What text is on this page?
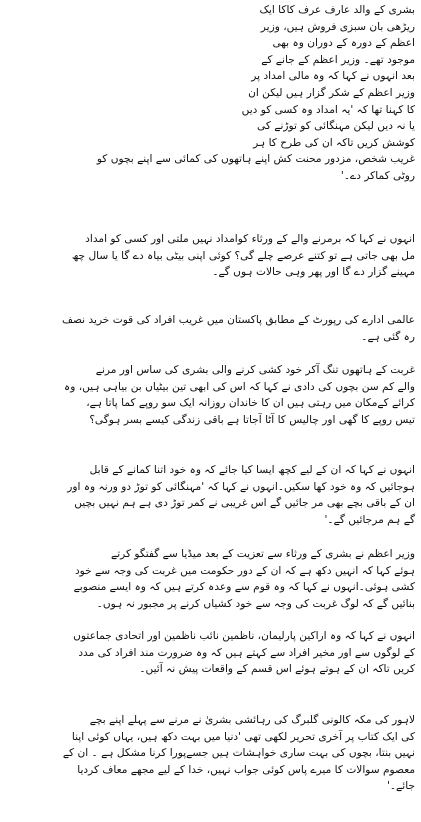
بشری کے والد عارف عرف کاکا ایک
ریڑھی بان سبزی فروش ہیں، وزیر
اعظم کے دورہ کے دوران وہ بھی
موجود تھے۔ وزیر اعظم کے جانے کے
بعد انہوں نے کہا کہ وہ مالی امداد پر
وزیر اعظم کے شکر گزار ہیں لیکن ان
کا کہنا تھا کہ 'یہ امداد وہ کسی کو دیں
یا نہ دیں لیکن مہنگائی کو توڑنے کی
کوشش کریں تاکہ ان کی طرح کا ہر
غریب شخص، مزدور محنت کش اپنے ہاتھوں کی کمائی سے اپنے بچوں کو
روٹی کماکر دے۔'
انہوں نے کہا کہ برمرنے والے کے ورثاء کوامداد نہیں ملتی اور کسی کو امداد
مل بھی جاتی ہے تو کتنے عرصے چلے گی؟ کوئی اپنی بیٹی بیاہ دے گا یا سال چھ
مہینے گزار دے گا اور پھر وہی حالات ہوں گے۔
عالمی ادارے کی رپورٹ کے مطابق پاکستان میں غریب افراد کی قوت خرید نصف
رہ گئی ہے۔
غربت کے ہاتھوں تنگ آکر خود کشی کرنے والی بشری کی ساس اور مرنے
والے کم سن بچوں کی دادی نے کہا کہ اس کی ابھی تین بیٹیاں بن بیاہی ہیں، وہ
کرائے کےمکان میں رہتی ہیں ان کا خاندان روزانہ ایک سو روپے کما پاتا ہے،
تیس روپے کا گھی اور چالیس کا آٹا آجاتا ہے باقی زندگی کیسے بسر ہوگی؟
انہوں نے کہا کہ ان کے لیے کچھ ایسا کیا جائے کہ وہ خود اتنا کمانے کے قابل
ہوجائیں کہ وہ خود کھا سکیں۔انہوں نے کہا کہ 'مہنگائی کو توڑ دو ورنہ وہ اور
ان کے باقی بچے بھی مر جائیں گے اس غریبی نے کمر توڑ دی ہے ہم نہیں بچیں
گے ہم مرجائیں گے۔'
وزیر اعظم نے بشری کے ورثاء سے تعزیت کے بعد میڈیا سے گفتگو کرتے
ہوئے کہا کہ انہیں دکھ ہے کہ ان کے دور حکومت میں غربت کی وجہ سے خود
کشی ہوئی۔انہوں نے کہا کہ وہ قوم سے وعدہ کرتے ہیں کہ وہ ایسے منصوبے
بنائیں گے کہ لوگ غربت کی وجہ سے خود کشیاں کرنے پر مجبور نہ ہوں۔
انہوں نے کہا کہ وہ اراکین پارلیمان، ناظمین نائب ناظمین اور اتحادی جماعتوں
کے لوگوں سے اور مخیر افراد سے کہتے ہیں کہ وہ ضرورت مند افراد کی مدد
کریں تاکہ ان کے ہوتے ہوئے اس قسم کے واقعات پیش نہ آئیں۔
لاہور کی مکہ کالونی گلبرگ کی رہائشی بشریٰ نے مرنے سے پہلے اپنے بچے
کی ایک کتاب پر آخری تحریر لکھی تھی 'دنیا میں بہت دکھ ہیں، یہاں کوئی اپنا
نہیں بنتا، بچوں کی بہت ساری خواہشات ہیں جسےپورا کرنا مشکل ہے ۔ ان کے
معصوم سوالات کا میرے پاس کوئی جواب نہیں، خدا کے لیے مجھے معاف کردیا
جائے۔'
